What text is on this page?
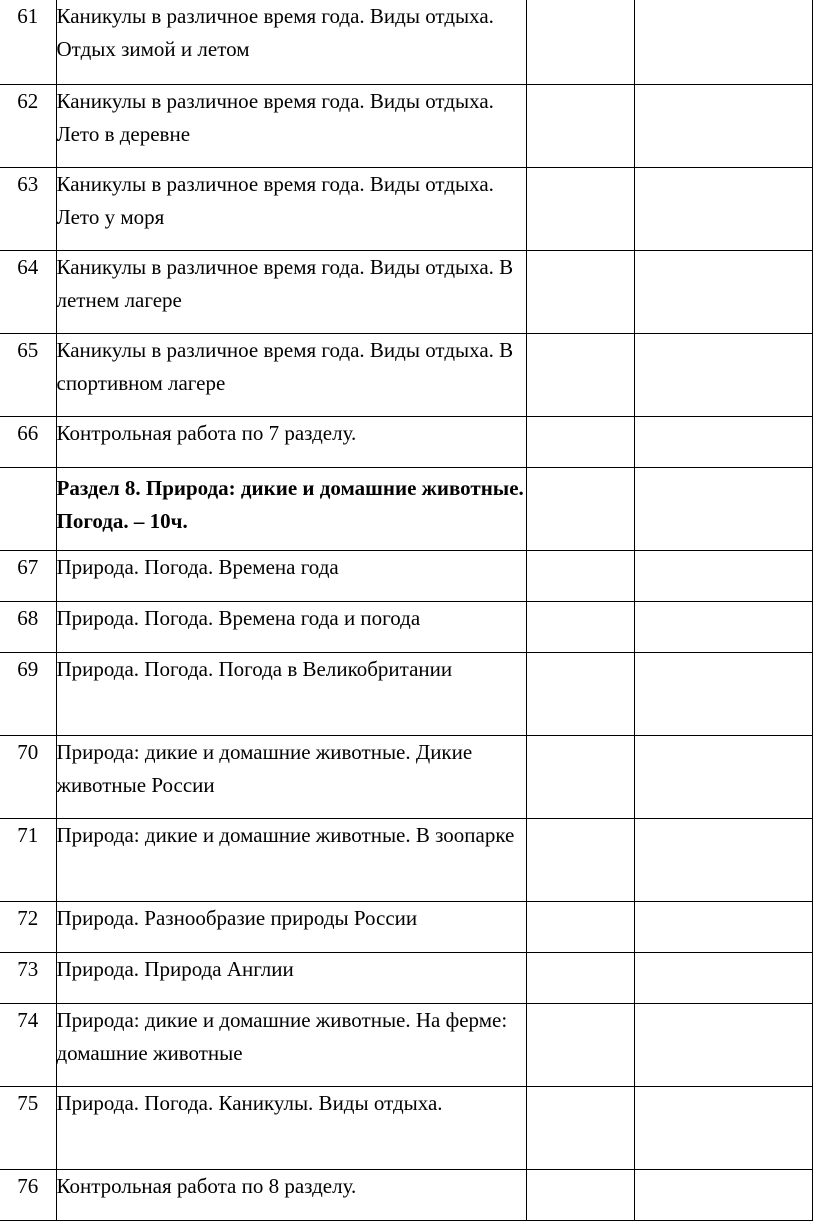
61	Каникулы в различное время года. Виды отдыха. Отдых зимой и летом		
62	Каникулы в различное время года. Виды отдыха. Лето в деревне		
63	Каникулы в различное время года. Виды отдыха. Лето у моря		
64	Каникулы в различное время года. Виды отдыха. В летнем лагере		
65	Каникулы в различное время года. Виды отдыха. В спортивном лагере		
66	Контрольная работа по 7 разделу.		
	Раздел 8. Природа: дикие и домашние животные. Погода. – 10ч.		
67	Природа. Погода. Времена года		
68	Природа. Погода. Времена года и погода		
69	Природа. Погода. Погода в Великобритании		
70	Природа: дикие и домашние животные. Дикие животные России		
71	Природа: дикие и домашние животные. В зоопарке		
72	Природа. Разнообразие природы России		
73	Природа. Природа Англии		
74	Природа: дикие и домашние животные. На ферме: домашние животные		
75	Природа. Погода. Каникулы. Виды отдыха.		
76	Контрольная работа по 8 разделу.		
